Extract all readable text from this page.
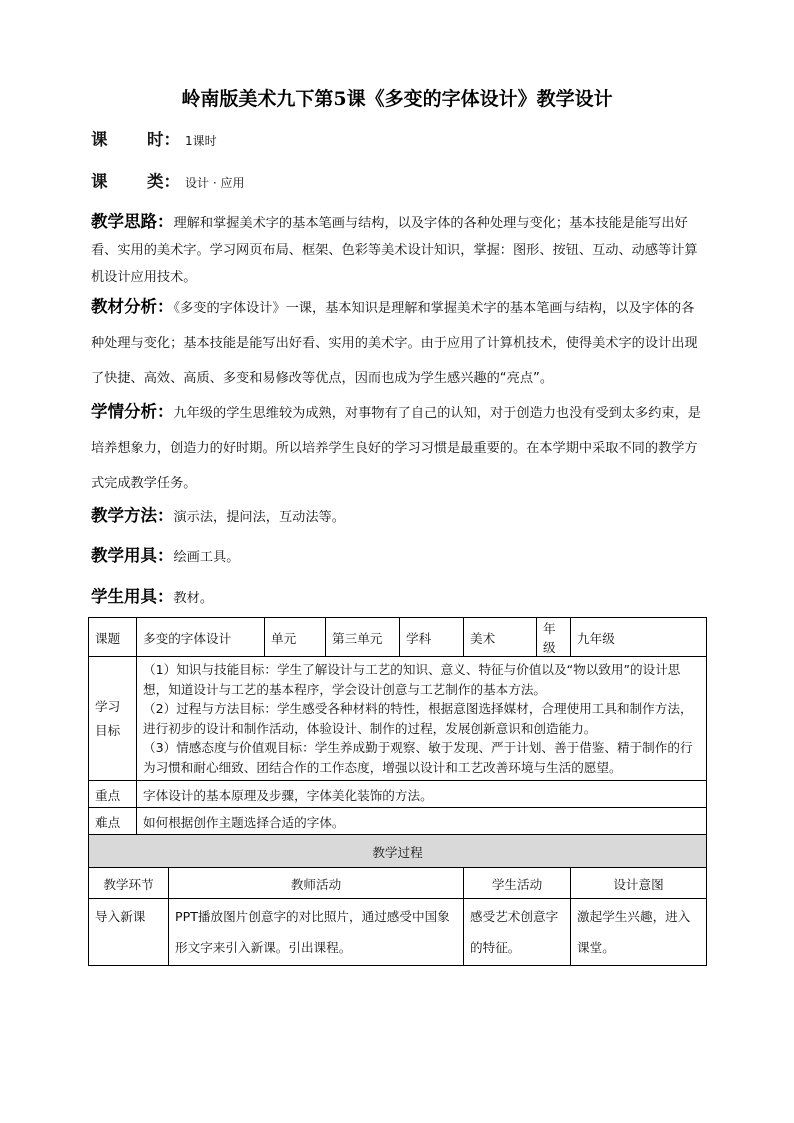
岭南版美术九下第5课《多变的字体设计》教学设计
课 时： 1课时
课 类： 设计 · 应用
教学思路：理解和掌握美术字的基本笔画与结构，以及字体的各种处理与变化；基本技能是能写出好看、实用的美术字。学习网页布局、框架、色彩等美术设计知识，掌握：图形、按钮、互动、动感等计算机设计应用技术。
教材分析：《多变的字体设计》一课，基本知识是理解和掌握美术字的基本笔画与结构，以及字体的各种处理与变化；基本技能是能写出好看、实用的美术字。由于应用了计算机技术，使得美术字的设计出现了快捷、高效、高质、多变和易修改等优点，因而也成为学生感兴趣的“亮点”。
学情分析：九年级的学生思维较为成熟，对事物有了自己的认知，对于创造力也没有受到太多约束，是培养想象力，创造力的好时期。所以培养学生良好的学习习惯是最重要的。在本学期中采取不同的教学方式完成教学任务。
教学方法：演示法，提问法，互动法等。
教学用具：绘画工具。
学生用具：教材。
课题	多变的字体设计		单元	第三单元	学科	美术	年级	九年级
学习目标	（1）知识与技能目标：学生了解设计与工艺的知识、意义、特征与价值以及“物以致用”的设计思想，知道设计与工艺的基本程序，学会设计创意与工艺制作的基本方法。
（2）过程与方法目标：学生感受各种材料的特性，根据意图选择媒材，合理使用工具和制作方法，进行初步的设计和制作活动，体验设计、制作的过程，发展创新意识和创造能力。
（3）情感态度与价值观目标：学生养成勤于观察、敏于发现、严于计划、善于借鉴、精于制作的行为习惯和耐心细致、团结合作的工作态度，增强以设计和工艺改善环境与生活的愿望。							

重点	字体设计的基本原理及步骤，字体美化装饰的方法。							
难点	如何根据创作主题选择合适的字体。							
教学过程								
教学环节		教师活动				学生活动		设计意图
导入新课		PPT播放图片创意字的对比照片，通过感受中国象形文字来引入新课。引出课程。				感受艺术创意字的特征。		激起学生兴趣，进入课堂。
